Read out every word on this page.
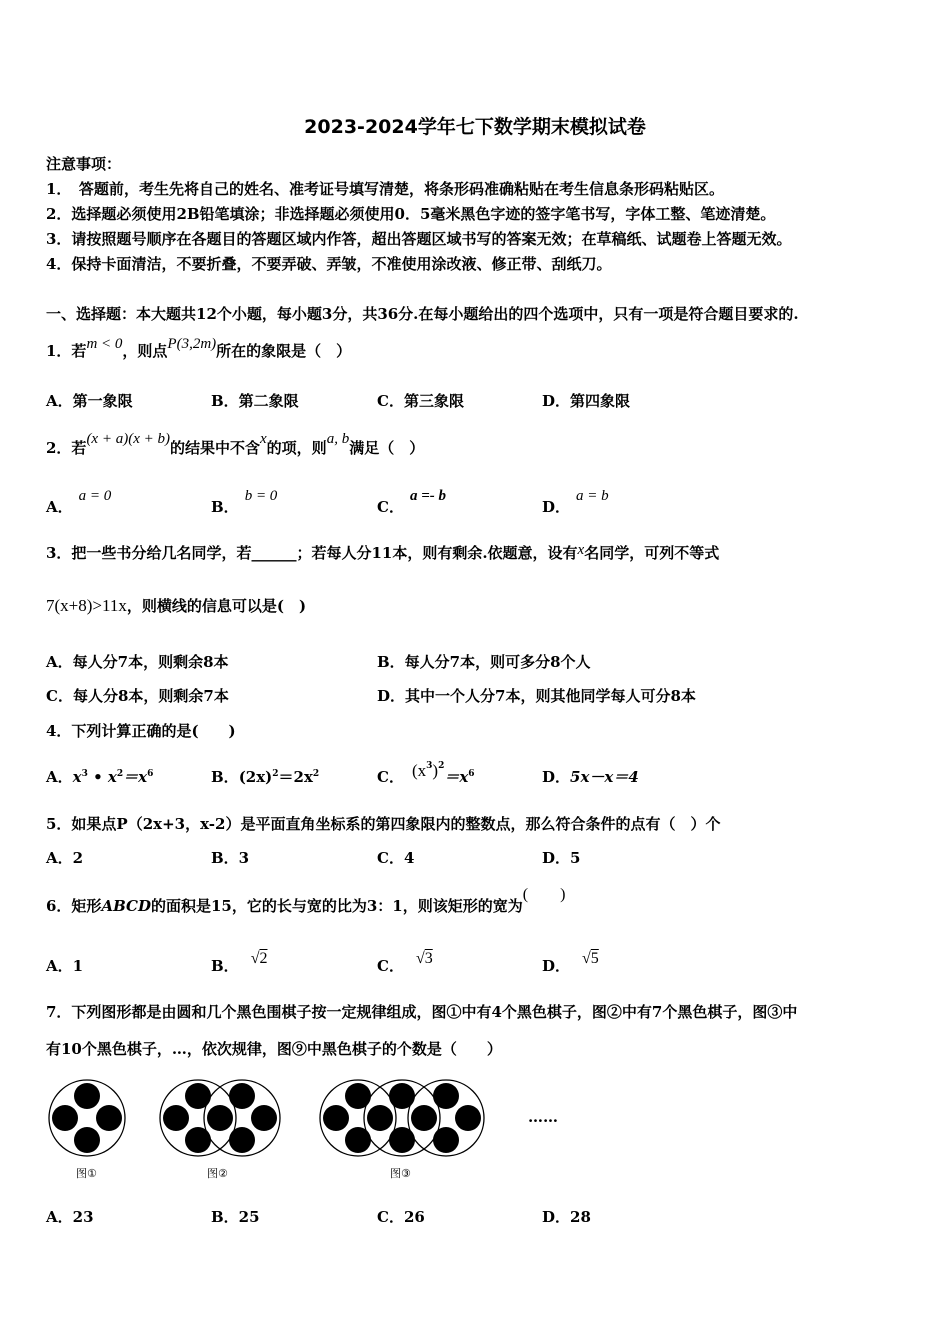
2023-2024学年七下数学期末模拟试卷
注意事项：
1．　答题前，考生先将自己的姓名、准考证号填写清楚，将条形码准确粘贴在考生信息条形码粘贴区。
2．选择题必须使用2B铅笔填涂；非选择题必须使用0．5毫米黑色字迹的签字笔书写，字体工整、笔迹清楚。
3．请按照题号顺序在各题目的答题区域内作答，超出答题区域书写的答案无效；在草稿纸、试题卷上答题无效。
4．保持卡面清洁，不要折叠，不要弄破、弄皱，不准使用涂改液、修正带、刮纸刀。
一、选择题：本大题共12个小题，每小题3分，共36分.在每小题给出的四个选项中，只有一项是符合题目要求的.
1．若m < 0，则点P(3,2m)所在的象限是（　）
A．第一象限	B．第二象限	C．第三象限	D．第四象限
2．若(x + a)(x + b)的结果中不含x的项，则a, b满足（　）
A．a = 0
B．b = 0
C．a =- b
D．a = b
3．把一些书分给几名同学，若______；若每人分11本，则有剩余.依题意，设有x名同学，可列不等式
7(x+8)>11x，则横线的信息可以是(　)
A．每人分7本，则剩余8本	B．每人分7本，则可多分8个人
C．每人分8本，则剩余7本	D．其中一个人分7本，则其他同学每人可分8本
4．下列计算正确的是(　　)
A．$x^3$ • $x^2=x^6$	B．$(2x)^2=2x^2$	C． $(x^3)^2=x^6$	D．5x－x＝4
5．如果点P（2x+3，x-2）是平面直角坐标系的第四象限内的整数点，那么符合条件的点有（　）个
A．2	B．3	C．4	D．5
6．矩形ABCD的面积是15，它的长与宽的比为3：1，则该矩形的宽为(　　)
A．1	B． √2	C． √3	D． √5
7．下列图形都是由圆和几个黑色围棋子按一定规律组成，图①中有4个黑色棋子，图②中有7个黑色棋子，图③中
有10个黑色棋子，…，依次规律，图⑨中黑色棋子的个数是（　　）
图①	图②	图③
……
A．23	B．25	C．26	D．28
